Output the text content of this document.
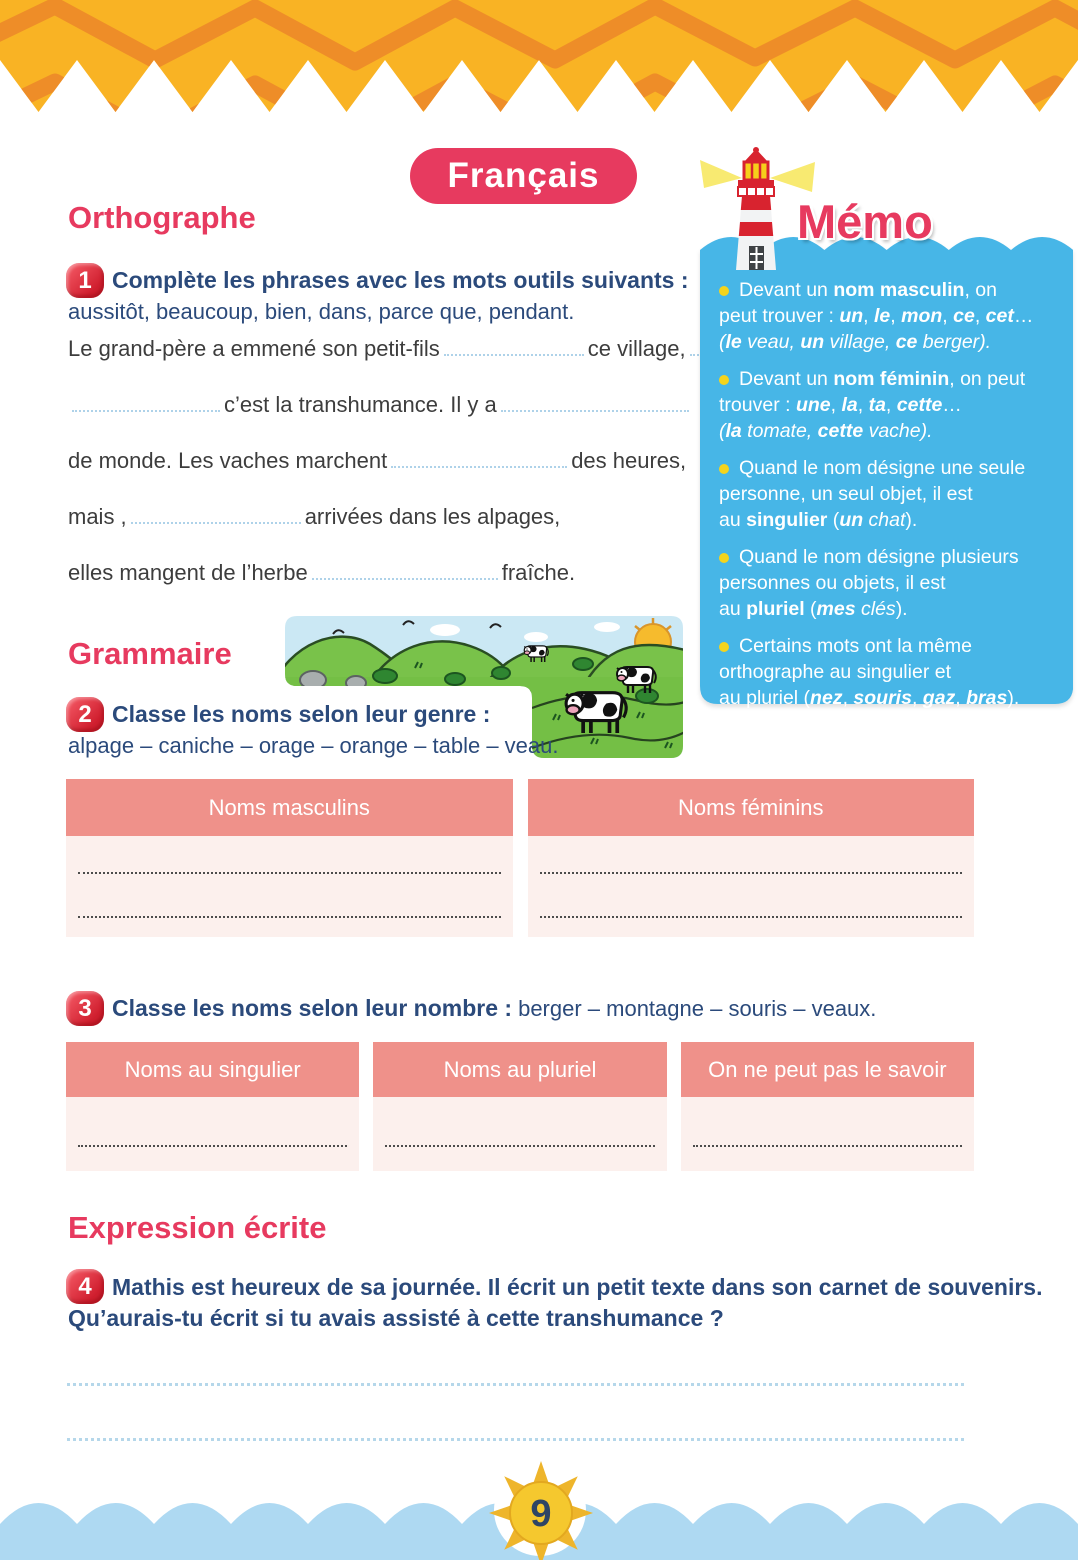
Français
Orthographe
Grammaire
Expression écrite
1 Complète les phrases avec les mots outils suivants :
aussitôt, beaucoup, bien, dans, parce que, pendant.
Le grand-père a emmené son petit-fils	ce village,
c’est la transhumance. Il y a
de monde. Les vaches marchent	des heures,
mais ,	arrivées dans les alpages,
elles mangent de l’herbe	fraîche.
Mémo
Devant un nom masculin, on
peut trouver : un, le, mon, ce, cet…
(le veau, un village, ce berger).
Devant un nom féminin, on peut
trouver : une, la, ta, cette…
(la tomate, cette vache).
Quand le nom désigne une seule
personne, un seul objet, il est
au singulier (un chat).
Quand le nom désigne plusieurs
personnes ou objets, il est
au pluriel (mes clés).
Certains mots ont la même
orthographe au singulier et
au pluriel (nez, souris, gaz, bras).
2 Classe les noms selon leur genre :
alpage – caniche – orage – orange – table – veau.
Noms masculins	Noms féminins
3 Classe les noms selon leur nombre : berger – montagne – souris – veaux.
Noms au singulier	Noms au pluriel	On ne peut pas le savoir
4 Mathis est heureux de sa journée. Il écrit un petit texte dans son carnet de souvenirs.
Qu’aurais-tu écrit si tu avais assisté à cette transhumance ?
9
